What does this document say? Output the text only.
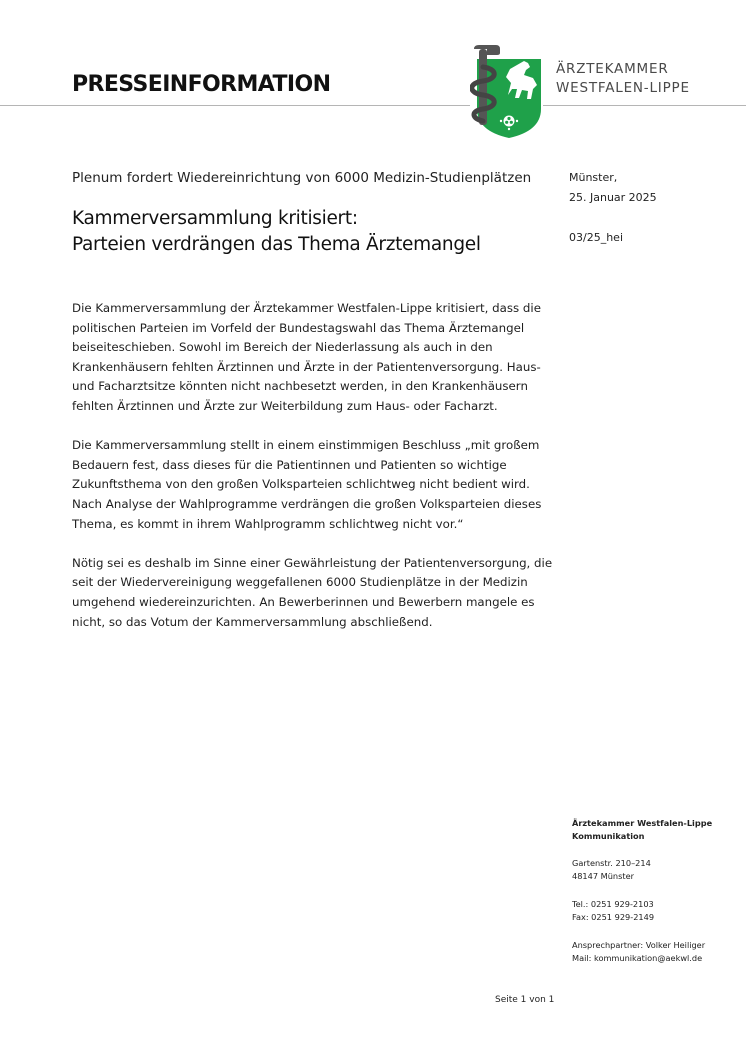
PRESSEINFORMATION
ÄRZTEKAMMER
WESTFALEN-LIPPE
Plenum fordert Wiedereinrichtung von 6000 Medizin-Studienplätzen
Kammerversammlung kritisiert:
Parteien verdrängen das Thema Ärztemangel
Münster,
25. Januar 2025
03/25_hei

Die Kammerversammlung der Ärztekammer Westfalen-Lippe kritisiert, dass die politischen Parteien im Vorfeld der Bundestagswahl das Thema Ärztemangel beiseiteschieben. Sowohl im Bereich der Niederlassung als auch in den Krankenhäusern fehlten Ärztinnen und Ärzte in der Patientenversorgung. Haus- und Facharztsitze könnten nicht nachbesetzt werden, in den Krankenhäusern fehlten Ärztinnen und Ärzte zur Weiterbildung zum Haus- oder Facharzt.

Die Kammerversammlung stellt in einem einstimmigen Beschluss „mit großem Bedauern fest, dass dieses für die Patientinnen und Patienten so wichtige Zukunftsthema von den großen Volksparteien schlichtweg nicht bedient wird. Nach Analyse der Wahlprogramme verdrängen die großen Volksparteien dieses Thema, es kommt in ihrem Wahlprogramm schlichtweg nicht vor.“

Nötig sei es deshalb im Sinne einer Gewährleistung der Patientenversorgung, die seit der Wiedervereinigung weggefallenen 6000 Studienplätze in der Medizin umgehend wiedereinzurichten. An Bewerberinnen und Bewerbern mangele es nicht, so das Votum der Kammerversammlung abschließend.

Ärztekammer Westfalen-Lippe
Kommunikation
Gartenstr. 210–214
48147 Münster
Tel.: 0251 929-2103
Fax: 0251 929-2149
Ansprechpartner: Volker Heiliger
Mail: kommunikation@aekwl.de
Seite 1 von 1
